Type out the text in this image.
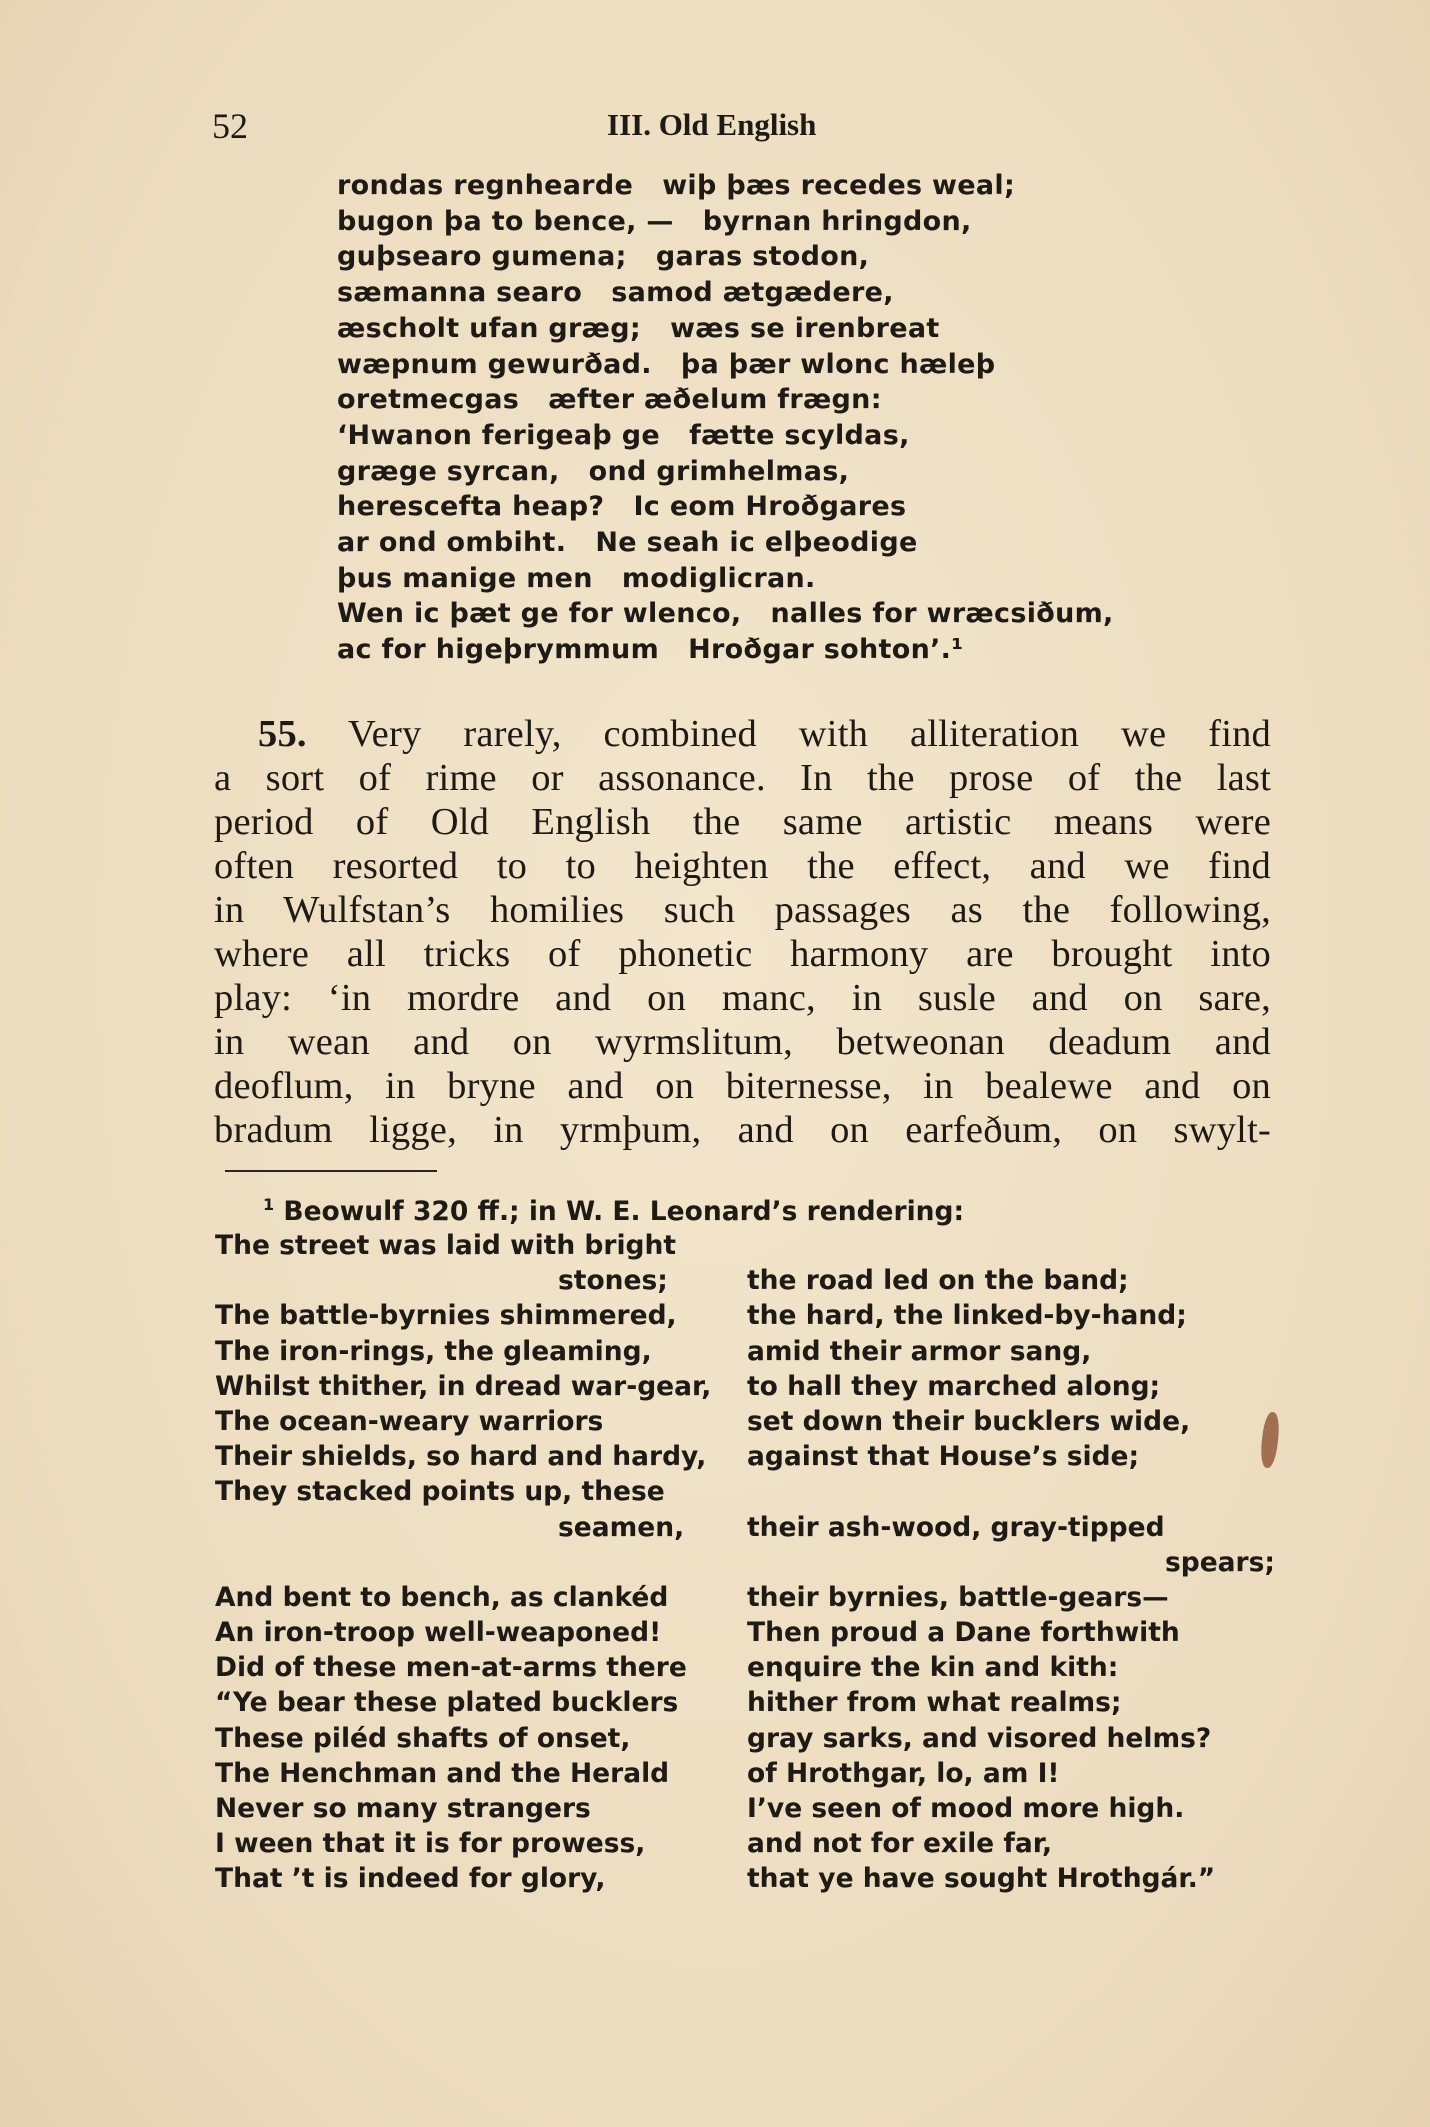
52	III. Old English
rondas regnhearde   wiþ þæs recedes weal;
bugon þa to bence, —   byrnan hringdon,
guþsearo gumena;   garas stodon,
sæmanna searo   samod ætgædere,
æscholt ufan græg;   wæs se irenbreat
wæpnum gewurðad.   þa þær wlonc hæleþ
oretmecgas   æfter æðelum frægn:
‘Hwanon ferigeaþ ge   fætte scyldas,
græge syrcan,   ond grimhelmas,
herescefta heap?   Ic eom Hroðgares
ar ond ombiht.   Ne seah ic elþeodige
þus manige men   modiglicran.
Wen ic þæt ge for wlenco,   nalles for wræcsiðum,
ac for higeþrymmum   Hroðgar sohton’.¹
55. Very rarely, combined with alliteration we find
a sort of rime or assonance. In the prose of the last
period of Old English the same artistic means were
often resorted to to heighten the effect, and we find
in Wulfstan’s homilies such passages as the following,
where all tricks of phonetic harmony are brought into
play: ‘in mordre and on manc, in susle and on sare,
in wean and on wyrmslitum, betweonan deadum and
deoflum, in bryne and on biternesse, in bealewe and on
bradum ligge, in yrmþum, and on earfeðum, on swylt-
$^1$ Beowulf 320 ff.; in W. E. Leonard’s rendering:
The street was laid with bright
stones;
The battle-byrnies shimmered,
The iron-rings, the gleaming,
Whilst thither, in dread war-gear,
The ocean-weary warriors
Their shields, so hard and hardy,
They stacked points up, these
seamen,
And bent to bench, as clankéd
An iron-troop well-weaponed!
Did of these men-at-arms there
“Ye bear these plated bucklers
These piléd shafts of onset,
The Henchman and the Herald
Never so many strangers
I ween that it is for prowess,
That ’t is indeed for glory,
the road led on the band;
the hard, the linked-by-hand;
amid their armor sang,
to hall they marched along;
set down their bucklers wide,
against that House’s side;
their ash-wood, gray-tipped
spears;
their byrnies, battle-gears—
Then proud a Dane forthwith
enquire the kin and kith:
hither from what realms;
gray sarks, and visored helms?
of Hrothgar, lo, am I!
I’ve seen of mood more high.
and not for exile far,
that ye have sought Hrothgár.”
